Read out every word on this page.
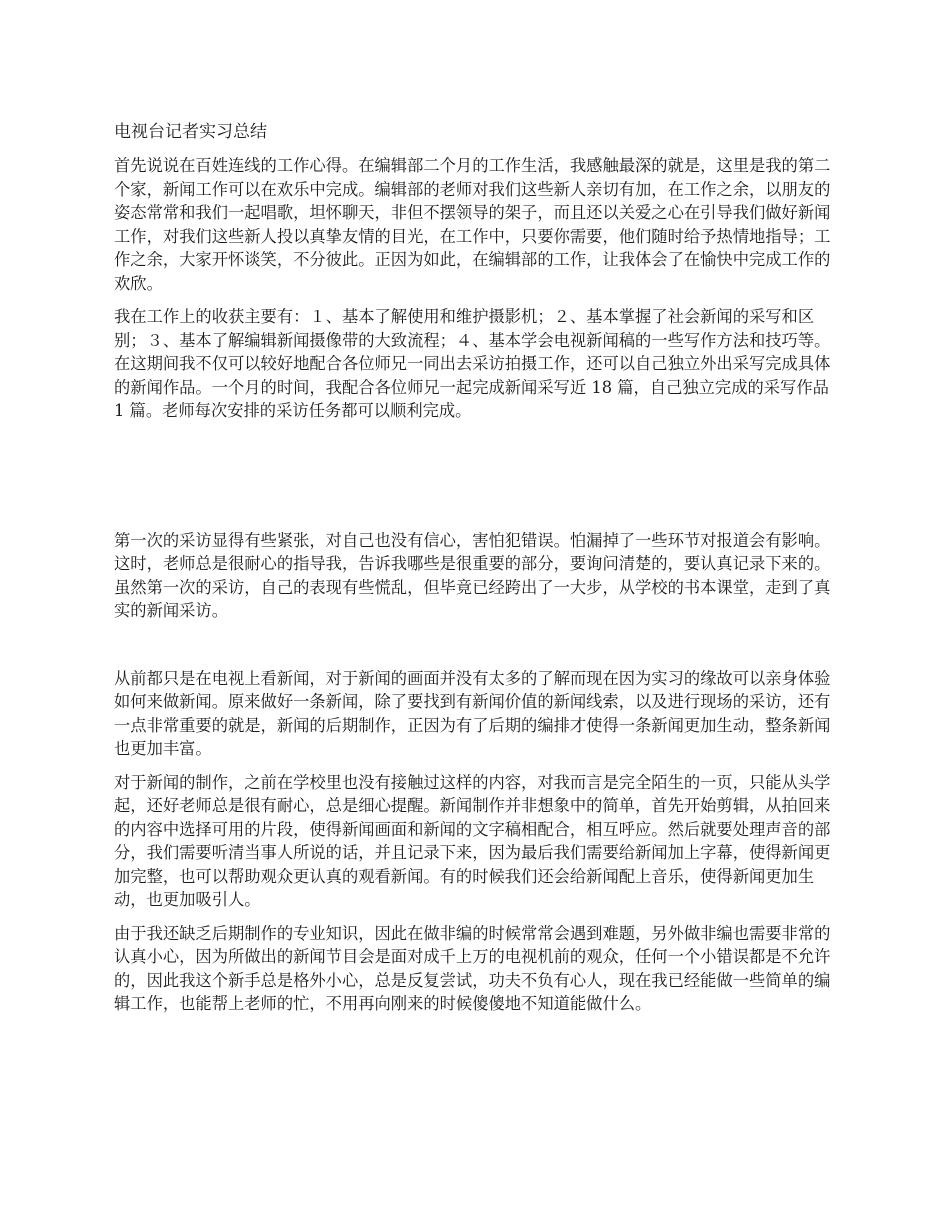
电视台记者实习总结

首先说说在百姓连线的工作心得。在编辑部二个月的工作生活，我感触最深的就是，这里是我的第二个家，新闻工作可以在欢乐中完成。编辑部的老师对我们这些新人亲切有加，在工作之余，以朋友的姿态常常和我们一起唱歌，坦怀聊天，非但不摆领导的架子，而且还以关爱之心在引导我们做好新闻工作，对我们这些新人投以真挚友情的目光，在工作中，只要你需要，他们随时给予热情地指导；工作之余，大家开怀谈笑，不分彼此。正因为如此，在编辑部的工作，让我体会了在愉快中完成工作的欢欣。

我在工作上的收获主要有：１、基本了解使用和维护摄影机；２、基本掌握了社会新闻的采写和区别；３、基本了解编辑新闻摄像带的大致流程；４、基本学会电视新闻稿的一些写作方法和技巧等。在这期间我不仅可以较好地配合各位师兄一同出去采访拍摄工作，还可以自己独立外出采写完成具体的新闻作品。一个月的时间，我配合各位师兄一起完成新闻采写近 18 篇，自己独立完成的采写作品 1 篇。老师每次安排的采访任务都可以顺利完成。

第一次的采访显得有些紧张，对自己也没有信心，害怕犯错误。怕漏掉了一些环节对报道会有影响。这时，老师总是很耐心的指导我，告诉我哪些是很重要的部分，要询问清楚的，要认真记录下来的。虽然第一次的采访，自己的表现有些慌乱，但毕竟已经跨出了一大步，从学校的书本课堂，走到了真实的新闻采访。

从前都只是在电视上看新闻，对于新闻的画面并没有太多的了解而现在因为实习的缘故可以亲身体验如何来做新闻。原来做好一条新闻，除了要找到有新闻价值的新闻线索，以及进行现场的采访，还有一点非常重要的就是，新闻的后期制作，正因为有了后期的编排才使得一条新闻更加生动，整条新闻也更加丰富。

对于新闻的制作，之前在学校里也没有接触过这样的内容，对我而言是完全陌生的一页，只能从头学起，还好老师总是很有耐心，总是细心提醒。新闻制作并非想象中的简单，首先开始剪辑，从拍回来的内容中选择可用的片段，使得新闻画面和新闻的文字稿相配合，相互呼应。然后就要处理声音的部分，我们需要听清当事人所说的话，并且记录下来，因为最后我们需要给新闻加上字幕，使得新闻更加完整，也可以帮助观众更认真的观看新闻。有的时候我们还会给新闻配上音乐，使得新闻更加生动，也更加吸引人。

由于我还缺乏后期制作的专业知识，因此在做非编的时候常常会遇到难题，另外做非编也需要非常的认真小心，因为所做出的新闻节目会是面对成千上万的电视机前的观众，任何一个小错误都是不允许的，因此我这个新手总是格外小心，总是反复尝试，功夫不负有心人，现在我已经能做一些简单的编辑工作，也能帮上老师的忙，不用再向刚来的时候傻傻地不知道能做什么。
